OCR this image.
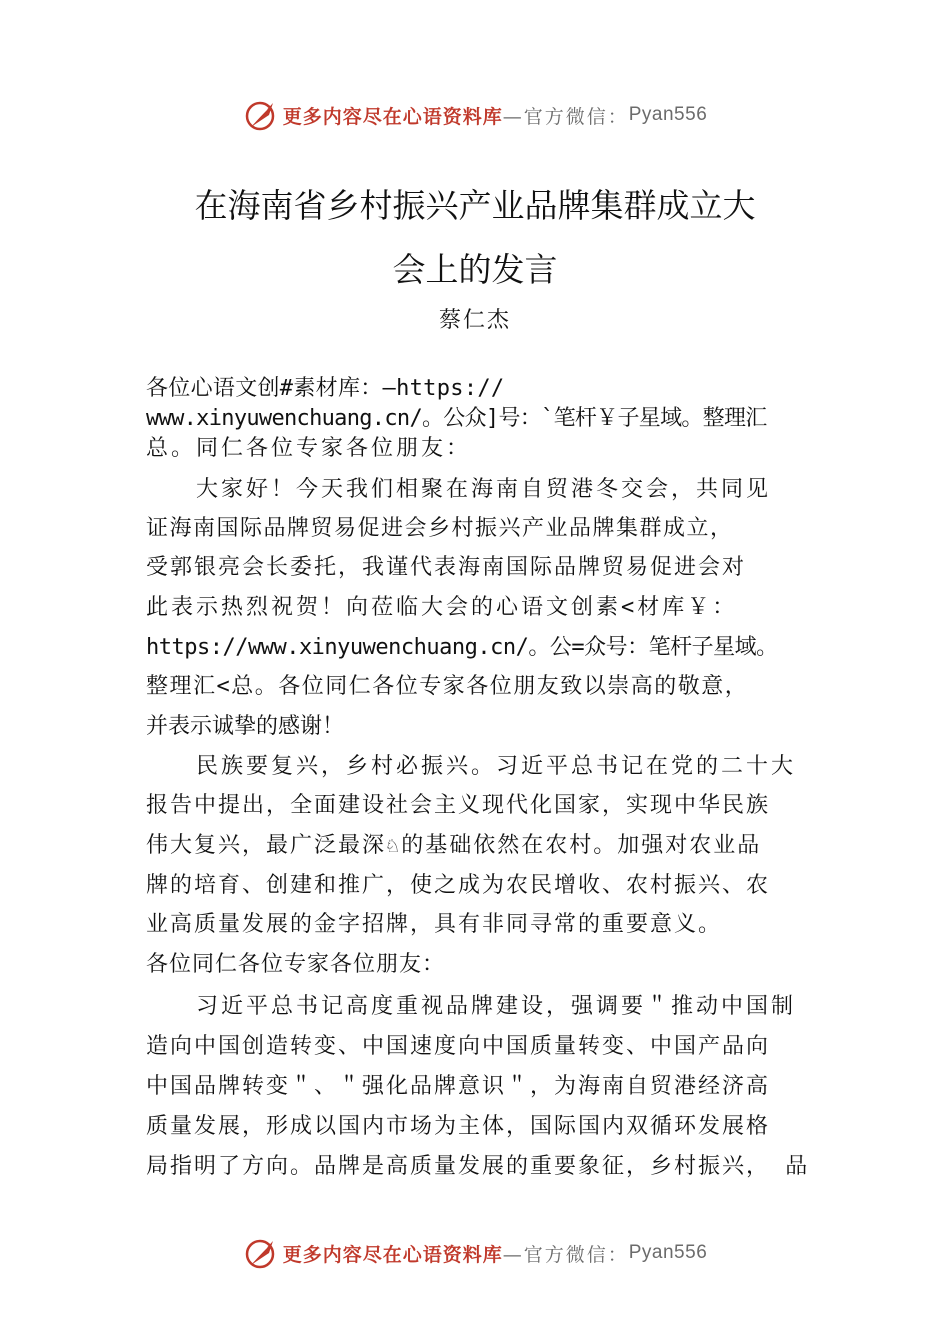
更多内容尽在心语资料库 —官方微信： Pyan556
在海南省乡村振兴产业品牌集群成立大
会上的发言
蔡仁杰
各位心语文创#素材库：—https://
www.xinyuwenchuang.cn/。公众]号：`笔杆￥子星域。整理汇
总。同仁各位专家各位朋友：
大家好！今天我们相聚在海南自贸港冬交会，共同见
证海南国际品牌贸易促进会乡村振兴产业品牌集群成立，
受郭银亮会长委托，我谨代表海南国际品牌贸易促进会对
此表示热烈祝贺！向莅临大会的心语文创素<材库￥：
https://www.xinyuwenchuang.cn/。公=众号：笔杆子星域。
整理汇<总。各位同仁各位专家各位朋友致以崇高的敬意，
并表示诚挚的感谢！
民族要复兴，乡村必振兴。习近平总书记在党的二十大
报告中提出，全面建设社会主义现代化国家，实现中华民族
伟大复兴，最广泛最深♘的基础依然在农村。加强对农业品
牌的培育、创建和推广，使之成为农民增收、农村振兴、农
业高质量发展的金字招牌，具有非同寻常的重要意义。
各位同仁各位专家各位朋友：
习近平总书记高度重视品牌建设，强调要＂推动中国制
造向中国创造转变、中国速度向中国质量转变、中国产品向
中国品牌转变＂、＂强化品牌意识＂，为海南自贸港经济高
质量发展，形成以国内市场为主体，国际国内双循环发展格
局指明了方向。品牌是高质量发展的重要象征，乡村振兴， 品
更多内容尽在心语资料库 —官方微信： Pyan556
